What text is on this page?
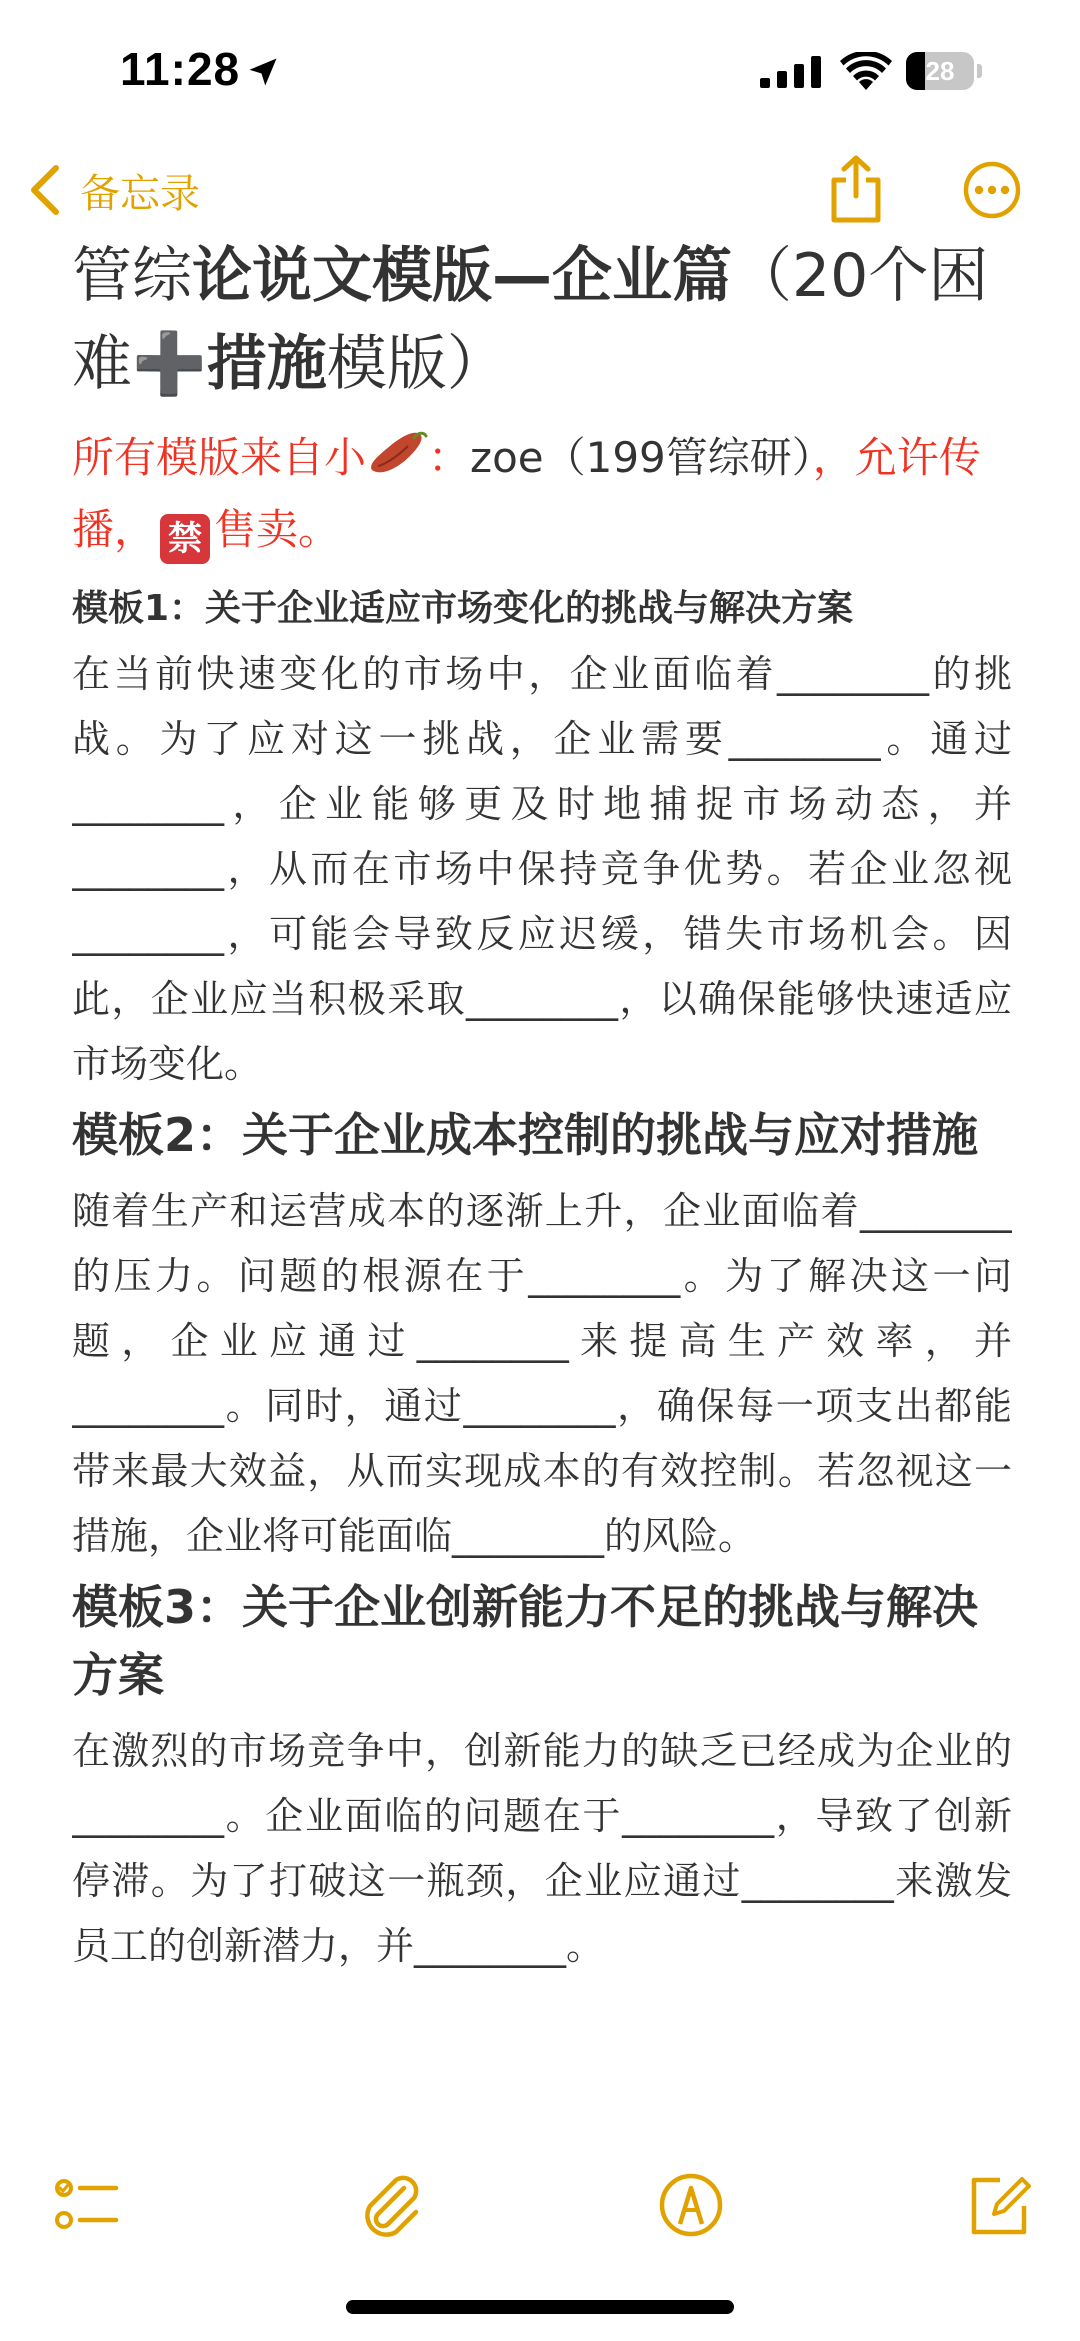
11:28	28
备忘录
管综论说文模版—企业篇（20个困难➕措施模版）

所有模版来自小 ：zoe（199管综研），允许传播， 禁 售卖。

模板1：关于企业适应市场变化的挑战与解决方案

在当前快速变化的市场中，企业面临着________的挑战。为了应对这一挑战，企业需要________。通过________，企业能够更及时地捕捉市场动态，并________，从而在市场中保持竞争优势。若企业忽视________，可能会导致反应迟缓，错失市场机会。因此，企业应当积极采取________，以确保能够快速适应市场变化。

模板2：关于企业成本控制的挑战与应对措施

随着生产和运营成本的逐渐上升，企业面临着________的压力。问题的根源在于________。为了解决这一问题，企业应通过________来提高生产效率，并________。同时，通过________，确保每一项支出都能带来最大效益，从而实现成本的有效控制。若忽视这一措施，企业将可能面临________的风险。

模板3：关于企业创新能力不足的挑战与解决方案

在激烈的市场竞争中，创新能力的缺乏已经成为企业的________。企业面临的问题在于________，导致了创新停滞。为了打破这一瓶颈，企业应通过________来激发员工的创新潜力，并________。
